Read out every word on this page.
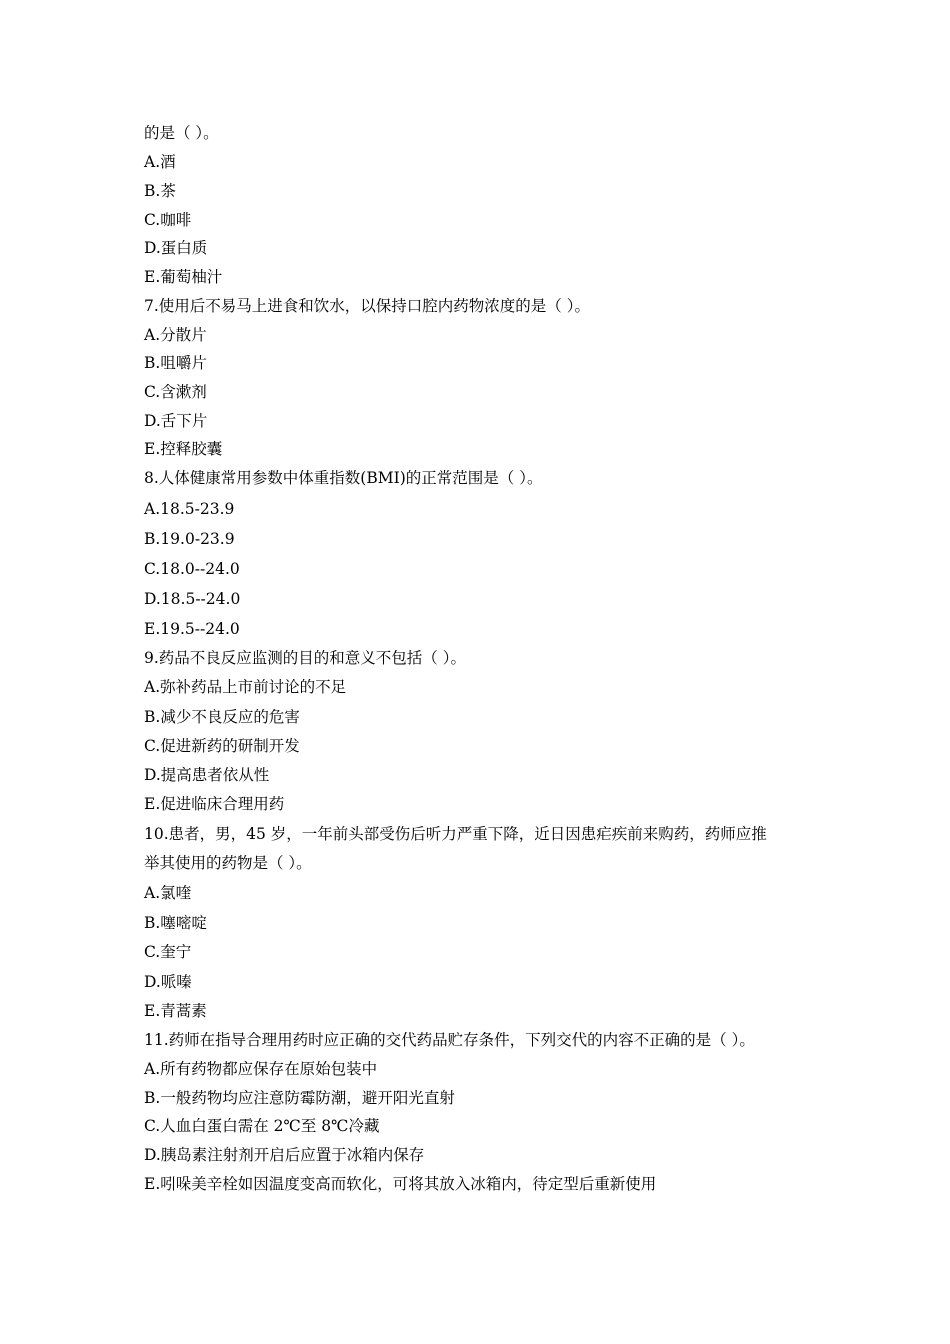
的是（ ）。
A.酒
B.茶
C.咖啡
D.蛋白质
E.葡萄柚汁
7.使用后不易马上进食和饮水，以保持口腔内药物浓度的是（ ）。
A.分散片
B.咀嚼片
C.含漱剂
D.舌下片
E.控释胶囊
8.人体健康常用参数中体重指数(BMI)的正常范围是（ ）。
A.18.5-23.9
B.19.0-23.9
C.18.0--24.0
D.18.5--24.0
E.19.5--24.0
9.药品不良反应监测的目的和意义不包括（ ）。
A.弥补药品上市前讨论的不足
B.减少不良反应的危害
C.促进新药的研制开发
D.提高患者依从性
E.促进临床合理用药
10.患者，男，45 岁，一年前头部受伤后听力严重下降，近日因患疟疾前来购药，药师应推
举其使用的药物是（ ）。
A.氯喹
B.噻嘧啶
C.奎宁
D.哌嗪
E.青蒿素
11.药师在指导合理用药时应正确的交代药品贮存条件，下列交代的内容不正确的是（ ）。
A.所有药物都应保存在原始包装中
B.一般药物均应注意防霉防潮，避开阳光直射
C.人血白蛋白需在 2℃至 8℃冷藏
D.胰岛素注射剂开启后应置于冰箱内保存
E.吲哚美辛栓如因温度变高而软化，可将其放入冰箱内，待定型后重新使用
